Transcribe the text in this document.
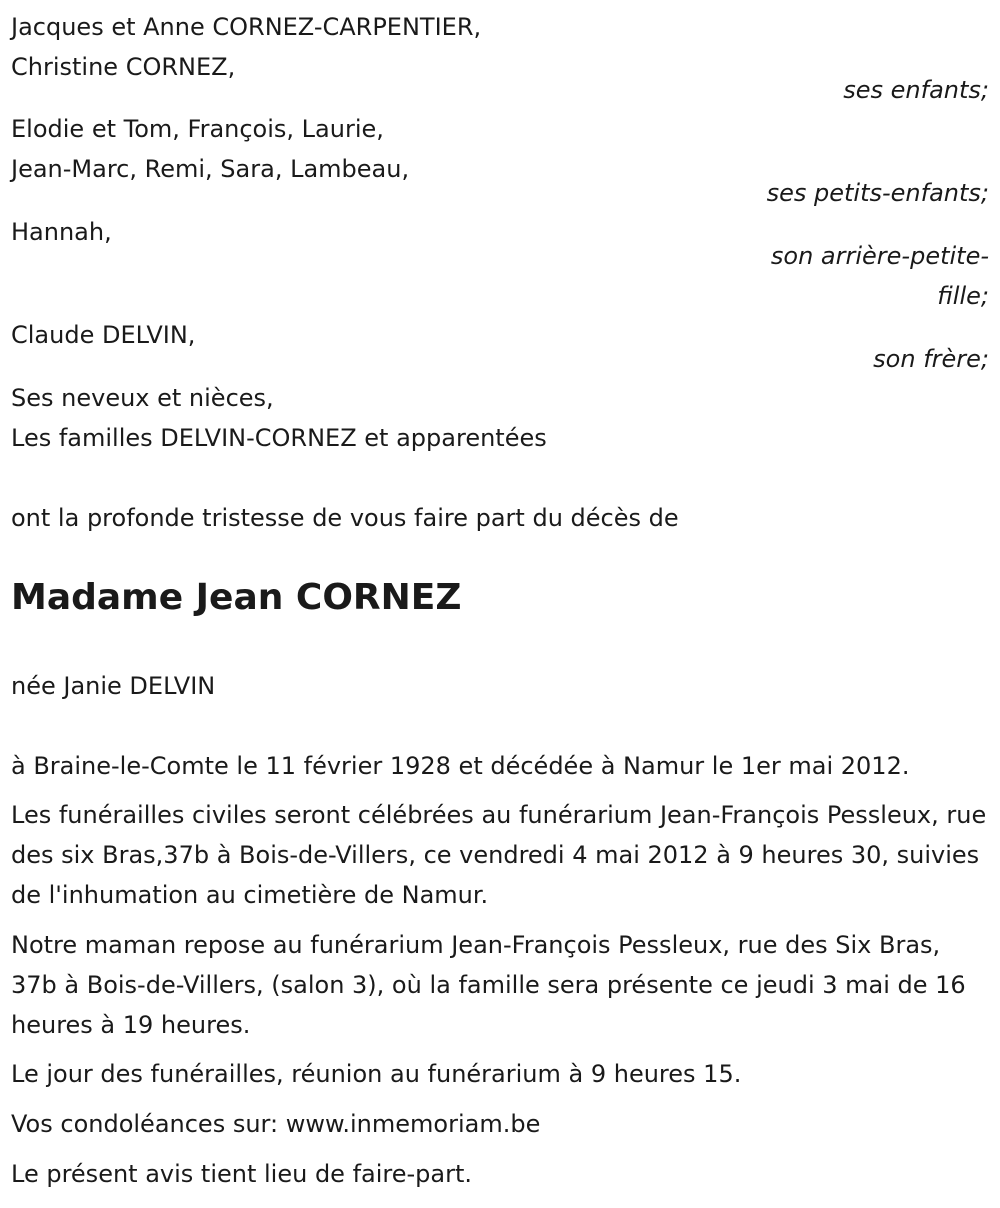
Jacques et Anne CORNEZ-CARPENTIER,
Christine CORNEZ,
ses enfants;
Elodie et Tom, François, Laurie,
Jean-Marc, Remi, Sara, Lambeau,
ses petits-enfants;
Hannah,
son arrière-petite-
fille;
Claude DELVIN,
son frère;
Ses neveux et nièces,
Les familles DELVIN-CORNEZ et apparentées
ont la profonde tristesse de vous faire part du décès de
Madame Jean CORNEZ
née Janie DELVIN
à Braine-le-Comte le 11 février 1928 et décédée à Namur le 1er mai 2012.
Les funérailles civiles seront célébrées au funérarium Jean-François Pessleux, rue des six Bras,37b à Bois-de-Villers, ce vendredi 4 mai 2012 à 9 heures 30, suivies de l'inhumation au cimetière de Namur.
Notre maman repose au funérarium Jean-François Pessleux, rue des Six Bras, 37b à Bois-de-Villers, (salon 3), où la famille sera présente ce jeudi 3 mai de 16 heures à 19 heures.
Le jour des funérailles, réunion au funérarium à 9 heures 15.
Vos condoléances sur: www.inmemoriam.be
Le présent avis tient lieu de faire-part.
